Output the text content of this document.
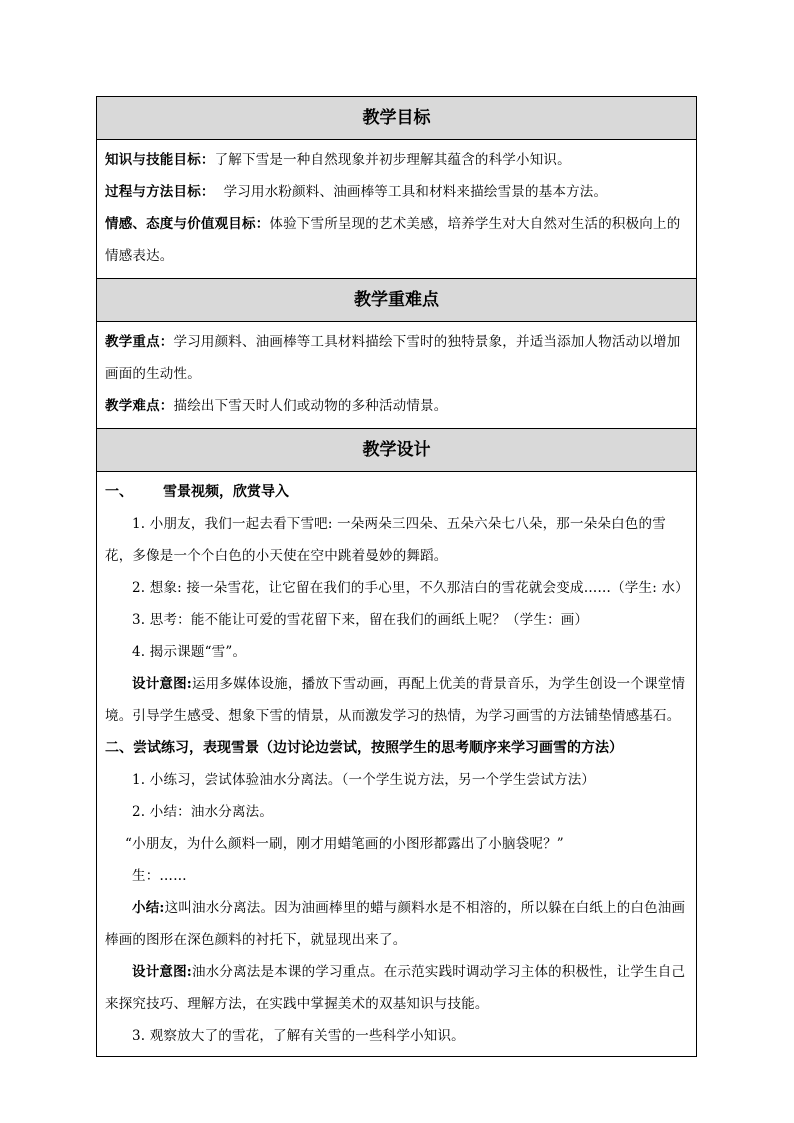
教学目标

知识与技能目标：了解下雪是一种自然现象并初步理解其蕴含的科学小知识。

过程与方法目标： 学习用水粉颜料、油画棒等工具和材料来描绘雪景的基本方法。

情感、态度与价值观目标：体验下雪所呈现的艺术美感，培养学生对大自然对生活的积极向上的情感表达。

教学重难点

教学重点：学习用颜料、油画棒等工具材料描绘下雪时的独特景象，并适当添加人物活动以增加画面的生动性。

教学难点：描绘出下雪天时人们或动物的多种活动情景。

教学设计

一、 雪景视频，欣赏导入

1. 小朋友，我们一起去看下雪吧: 一朵两朵三四朵、五朵六朵七八朵，那一朵朵白色的雪花，多像是一个个白色的小天使在空中跳着曼妙的舞蹈。

2. 想象: 接一朵雪花，让它留在我们的手心里，不久那洁白的雪花就会变成……（学生: 水）

3. 思考：能不能让可爱的雪花留下来，留在我们的画纸上呢？（学生：画）

4. 揭示课题“雪”。

设计意图:运用多媒体设施，播放下雪动画，再配上优美的背景音乐，为学生创设一个课堂情境。引导学生感受、想象下雪的情景，从而激发学习的热情，为学习画雪的方法铺垫情感基石。

二、尝试练习，表现雪景（边讨论边尝试，按照学生的思考顺序来学习画雪的方法）

1. 小练习，尝试体验油水分离法。（一个学生说方法，另一个学生尝试方法）

2. 小结：油水分离法。

“小朋友，为什么颜料一刷，刚才用蜡笔画的小图形都露出了小脑袋呢？”

生：……

小结:这叫油水分离法。因为油画棒里的蜡与颜料水是不相溶的，所以躲在白纸上的白色油画棒画的图形在深色颜料的衬托下，就显现出来了。

设计意图:油水分离法是本课的学习重点。在示范实践时调动学习主体的积极性，让学生自己来探究技巧、理解方法，在实践中掌握美术的双基知识与技能。

3. 观察放大了的雪花，了解有关雪的一些科学小知识。
